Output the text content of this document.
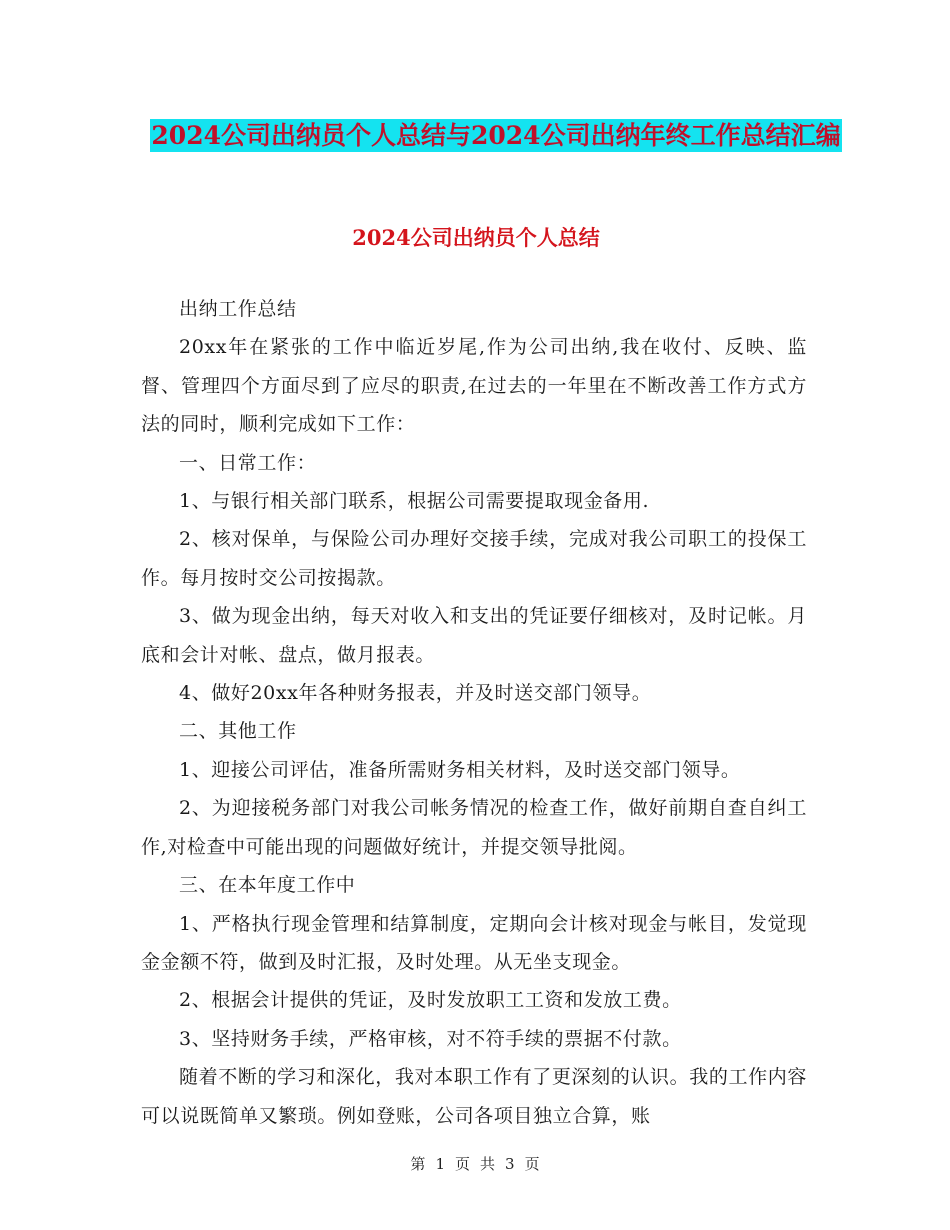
2024公司出纳员个人总结与2024公司出纳年终工作总结汇编
2024公司出纳员个人总结

出纳工作总结

20xx年在紧张的工作中临近岁尾,作为公司出纳,我在收付、反映、监督、管理四个方面尽到了应尽的职责,在过去的一年里在不断改善工作方式方法的同时，顺利完成如下工作：

一、日常工作：

1、与银行相关部门联系，根据公司需要提取现金备用.

2、核对保单，与保险公司办理好交接手续，完成对我公司职工的投保工作。每月按时交公司按揭款。

3、做为现金出纳，每天对收入和支出的凭证要仔细核对，及时记帐。月底和会计对帐、盘点，做月报表。

4、做好20xx年各种财务报表，并及时送交部门领导。

二、其他工作

1、迎接公司评估，准备所需财务相关材料，及时送交部门领导。

2、为迎接税务部门对我公司帐务情况的检查工作，做好前期自查自纠工作,对检查中可能出现的问题做好统计，并提交领导批阅。

三、在本年度工作中

1、严格执行现金管理和结算制度，定期向会计核对现金与帐目，发觉现金金额不符，做到及时汇报，及时处理。从无坐支现金。

2、根据会计提供的凭证，及时发放职工工资和发放工费。

3、坚持财务手续，严格审核，对不符手续的票据不付款。

随着不断的学习和深化，我对本职工作有了更深刻的认识。我的工作内容可以说既简单又繁琐。例如登账，公司各项目独立合算，账

第 1 页 共 3 页
